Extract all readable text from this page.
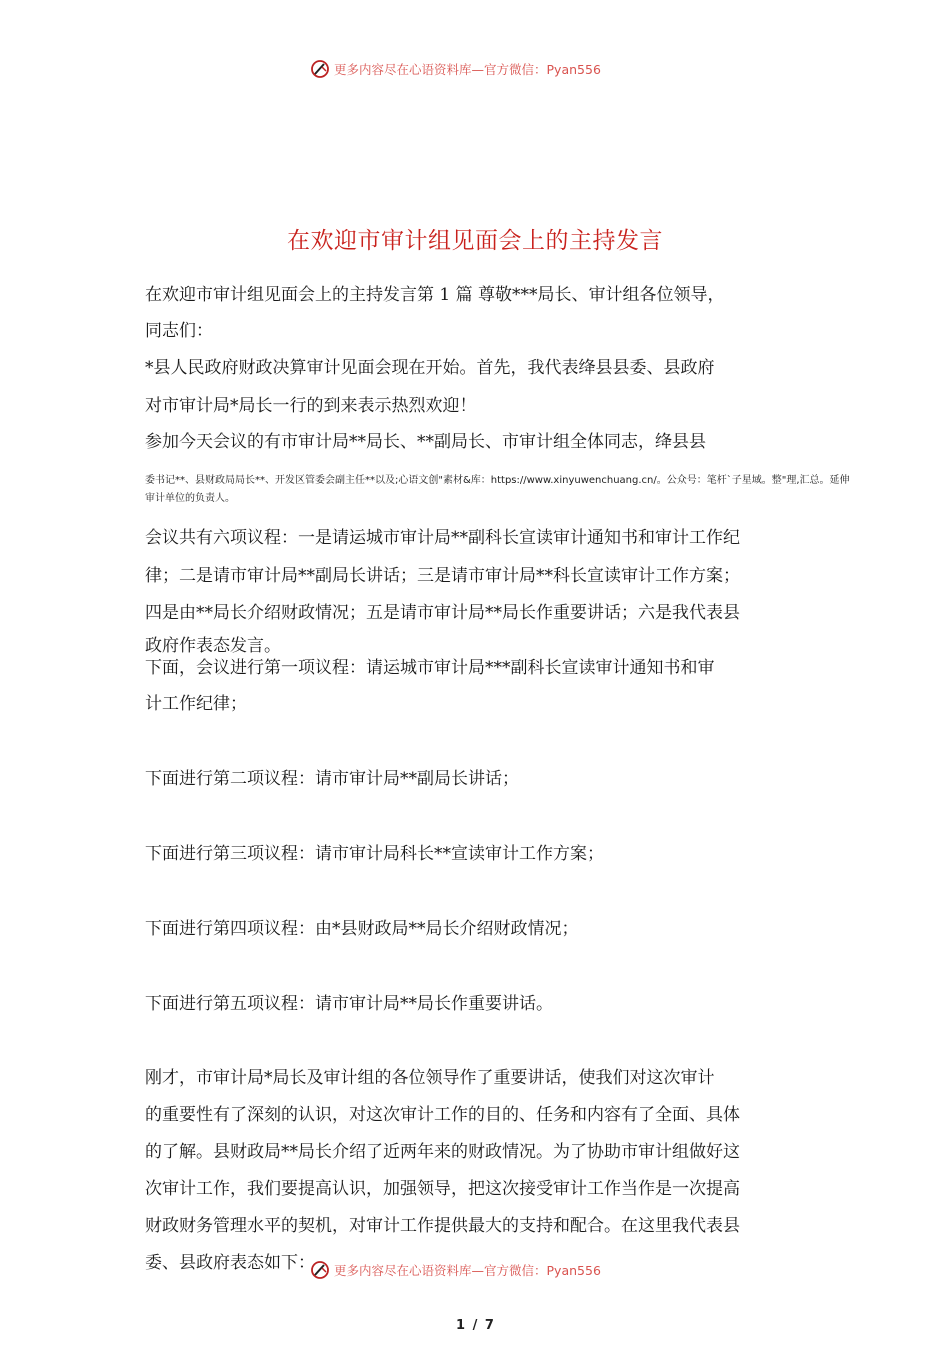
更多内容尽在心语资料库—官方微信：Pyan556
在欢迎市审计组见面会上的主持发言

在欢迎市审计组见面会上的主持发言第 1 篇 尊敬***局长、审计组各位领导，

同志们：

*县人民政府财政决算审计见面会现在开始。首先，我代表绛县县委、县政府

对市审计局*局长一行的到来表示热烈欢迎！

参加今天会议的有市审计局**局长、**副局长、市审计组全体同志，绛县县

委书记**、县财政局局长**、开发区管委会副主任**以及;心语文创"素材&库：https://www.xinyuwenchuang.cn/。公众号：笔杆`子星域。整"理,汇总。延伸
审计单位的负责人。

会议共有六项议程：一是请运城市审计局**副科长宣读审计通知书和审计工作纪

律；二是请市审计局**副局长讲话；三是请市审计局**科长宣读审计工作方案；

四是由**局长介绍财政情况；五是请市审计局**局长作重要讲话；六是我代表县

政府作表态发言。

下面，会议进行第一项议程：请运城市审计局***副科长宣读审计通知书和审

计工作纪律；

下面进行第二项议程：请市审计局**副局长讲话；

下面进行第三项议程：请市审计局科长**宣读审计工作方案；

下面进行第四项议程：由*县财政局**局长介绍财政情况；

下面进行第五项议程：请市审计局**局长作重要讲话。

刚才，市审计局*局长及审计组的各位领导作了重要讲话，使我们对这次审计

的重要性有了深刻的认识，对这次审计工作的目的、任务和内容有了全面、具体

的了解。县财政局**局长介绍了近两年来的财政情况。为了协助市审计组做好这

次审计工作，我们要提高认识，加强领导，把这次接受审计工作当作是一次提高

财政财务管理水平的契机，对审计工作提供最大的支持和配合。在这里我代表县

委、县政府表态如下：	更多内容尽在心语资料库—官方微信：Pyan556
1 / 7
